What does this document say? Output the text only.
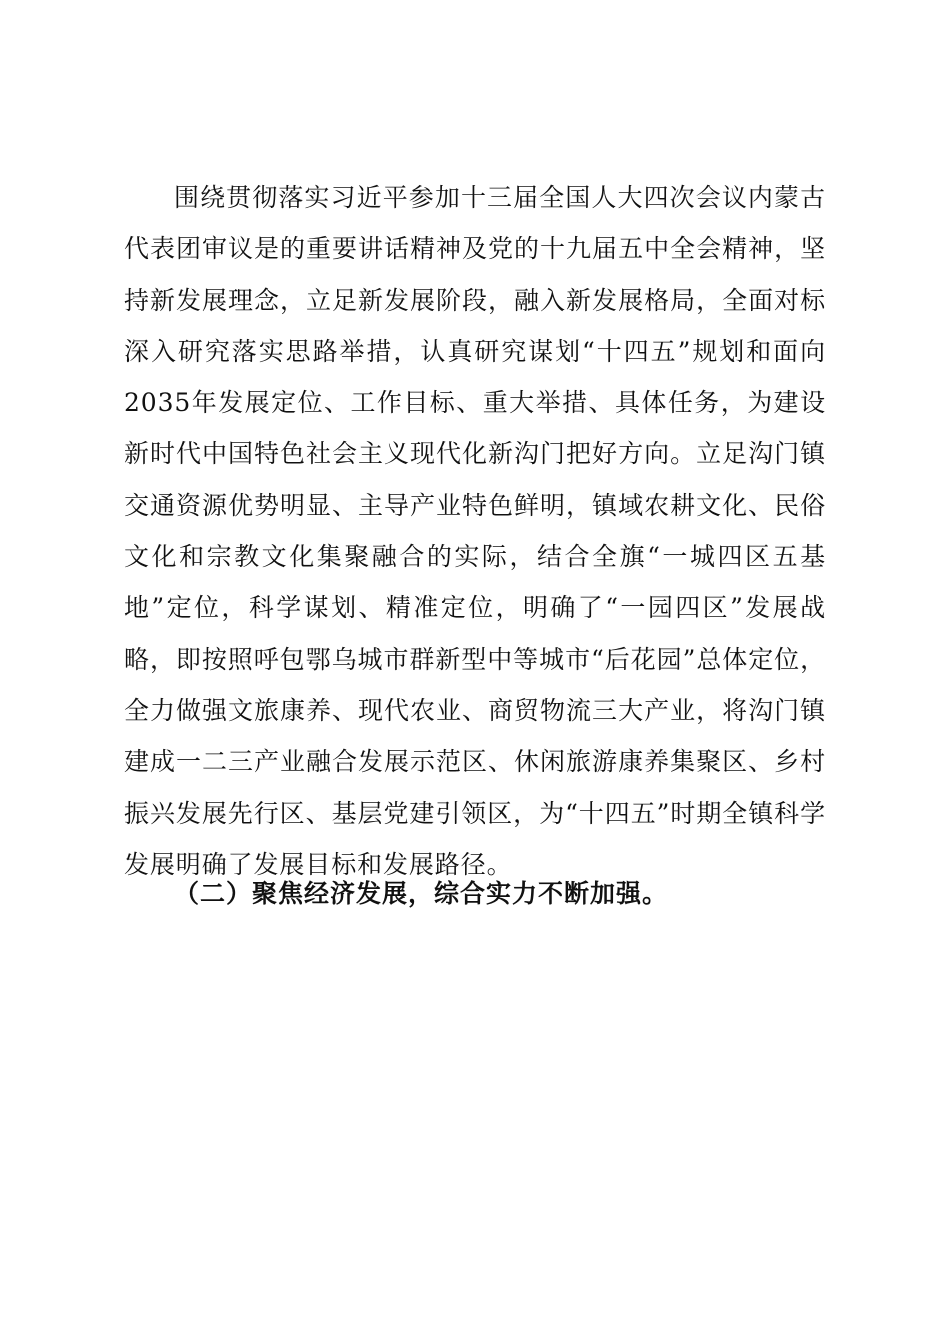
围绕贯彻落实习近平参加十三届全国人大四次会议内蒙古代表团审议是的重要讲话精神及党的十九届五中全会精神，坚持新发展理念，立足新发展阶段，融入新发展格局，全面对标深入研究落实思路举措，认真研究谋划“十四五”规划和面向2035年发展定位、工作目标、重大举措、具体任务，为建设新时代中国特色社会主义现代化新沟门把好方向。立足沟门镇交通资源优势明显、主导产业特色鲜明，镇域农耕文化、民俗文化和宗教文化集聚融合的实际，结合全旗“一城四区五基地”定位，科学谋划、精准定位，明确了“一园四区”发展战略，即按照呼包鄂乌城市群新型中等城市“后花园”总体定位，全力做强文旅康养、现代农业、商贸物流三大产业，将沟门镇建成一二三产业融合发展示范区、休闲旅游康养集聚区、乡村振兴发展先行区、基层党建引领区，为“十四五”时期全镇科学发展明确了发展目标和发展路径。

（二）聚焦经济发展，综合实力不断加强。
